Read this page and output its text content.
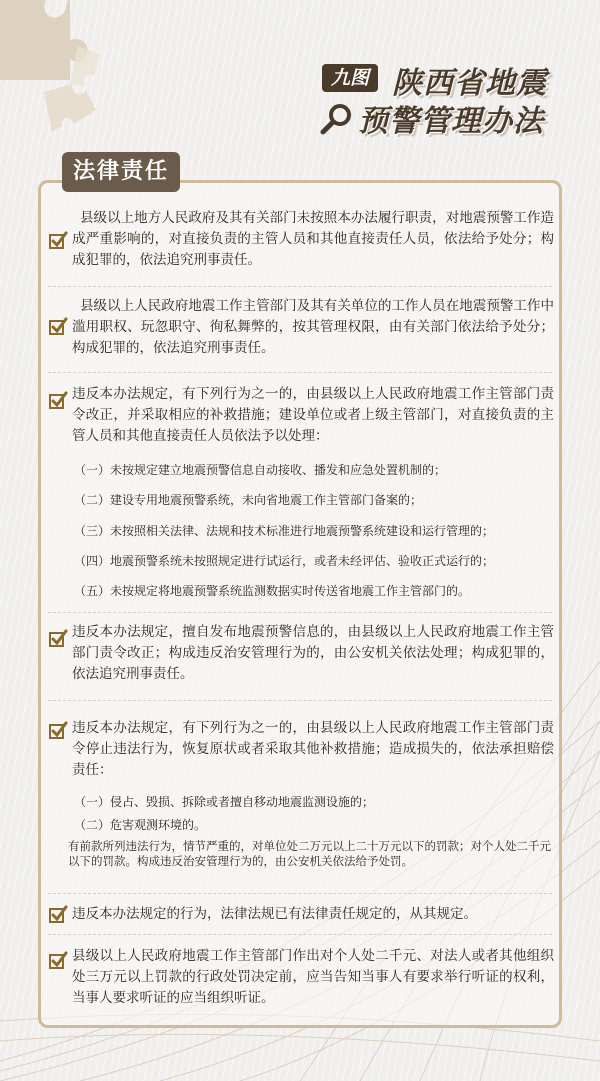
九图 陕西省地震
预警管理办法
法律责任
县级以上地方人民政府及其有关部门未按照本办法履行职责，对地震预警工作造成严重影响的，对直接负责的主管人员和其他直接责任人员，依法给予处分；构成犯罪的，依法追究刑事责任。
县级以上人民政府地震工作主管部门及其有关单位的工作人员在地震预警工作中滥用职权、玩忽职守、徇私舞弊的，按其管理权限，由有关部门依法给予处分；构成犯罪的，依法追究刑事责任。
违反本办法规定，有下列行为之一的，由县级以上人民政府地震工作主管部门责令改正，并采取相应的补救措施；建设单位或者上级主管部门，对直接负责的主管人员和其他直接责任人员依法予以处理：
（一）未按规定建立地震预警信息自动接收、播发和应急处置机制的；
（二）建设专用地震预警系统，未向省地震工作主管部门备案的；
（三）未按照相关法律、法规和技术标准进行地震预警系统建设和运行管理的；
（四）地震预警系统未按照规定进行试运行，或者未经评估、验收正式运行的；
（五）未按规定将地震预警系统监测数据实时传送省地震工作主管部门的。
违反本办法规定，擅自发布地震预警信息的，由县级以上人民政府地震工作主管部门责令改正；构成违反治安管理行为的，由公安机关依法处理；构成犯罪的，依法追究刑事责任。
违反本办法规定，有下列行为之一的，由县级以上人民政府地震工作主管部门责令停止违法行为，恢复原状或者采取其他补救措施；造成损失的，依法承担赔偿责任：
（一）侵占、毁损、拆除或者擅自移动地震监测设施的；
（二）危害观测环境的。
有前款所列违法行为，情节严重的，对单位处二万元以上二十万元以下的罚款；对个人处二千元以下的罚款。构成违反治安管理行为的，由公安机关依法给予处罚。
违反本办法规定的行为，法律法规已有法律责任规定的，从其规定。
县级以上人民政府地震工作主管部门作出对个人处二千元、对法人或者其他组织处三万元以上罚款的行政处罚决定前，应当告知当事人有要求举行听证的权利，当事人要求听证的应当组织听证。
